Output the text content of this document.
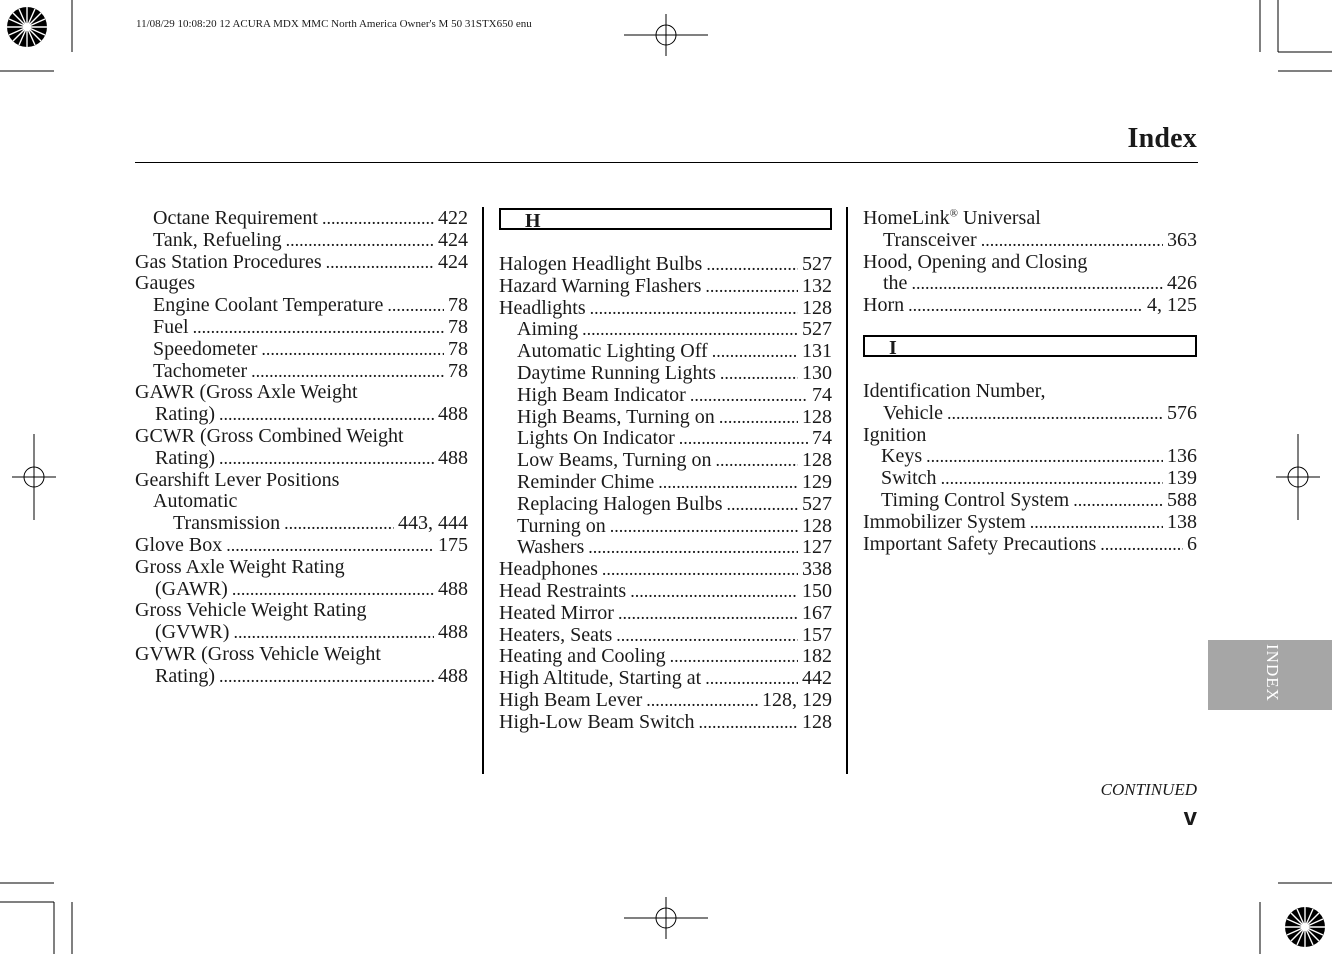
11/08/29 10:08:20 12 ACURA MDX MMC North America Owner's M 50 31STX650 enu
Index
Octane Requirement .....	422
Tank, Refueling .....	424
Gas Station Procedures .....	424
Gauges
Engine Coolant Temperature .....	78
Fuel .....	78
Speedometer .....	78
Tachometer .....	78
GAWR (Gross Axle Weight
Rating) .....	488
GCWR (Gross Combined Weight
Rating) .....	488
Gearshift Lever Positions
Automatic
Transmission .....	443, 444
Glove Box .....	175
Gross Axle Weight Rating
(GAWR) .....	488
Gross Vehicle Weight Rating
(GVWR) .....	488
GVWR (Gross Vehicle Weight
Rating) .....	488
H
Halogen Headlight Bulbs .....	527
Hazard Warning Flashers .....	132
Headlights .....	128
Aiming .....	527
Automatic Lighting Off .....	131
Daytime Running Lights .....	130
High Beam Indicator .....	74
High Beams, Turning on .....	128
Lights On Indicator .....	74
Low Beams, Turning on .....	128
Reminder Chime .....	129
Replacing Halogen Bulbs .....	527
Turning on .....	128
Washers .....	127
Headphones .....	338
Head Restraints .....	150
Heated Mirror .....	167
Heaters, Seats .....	157
Heating and Cooling .....	182
High Altitude, Starting at .....	442
High Beam Lever .....	128, 129
High-Low Beam Switch .....	128
HomeLink® Universal
Transceiver .....	363
Hood, Opening and Closing
the .....	426
Horn .....	4, 125
I
Identification Number,
Vehicle .....	576
Ignition
Keys .....	136
Switch .....	139
Timing Control System .....	588
Immobilizer System .....	138
Important Safety Precautions .....	6
INDEX
CONTINUED
v
